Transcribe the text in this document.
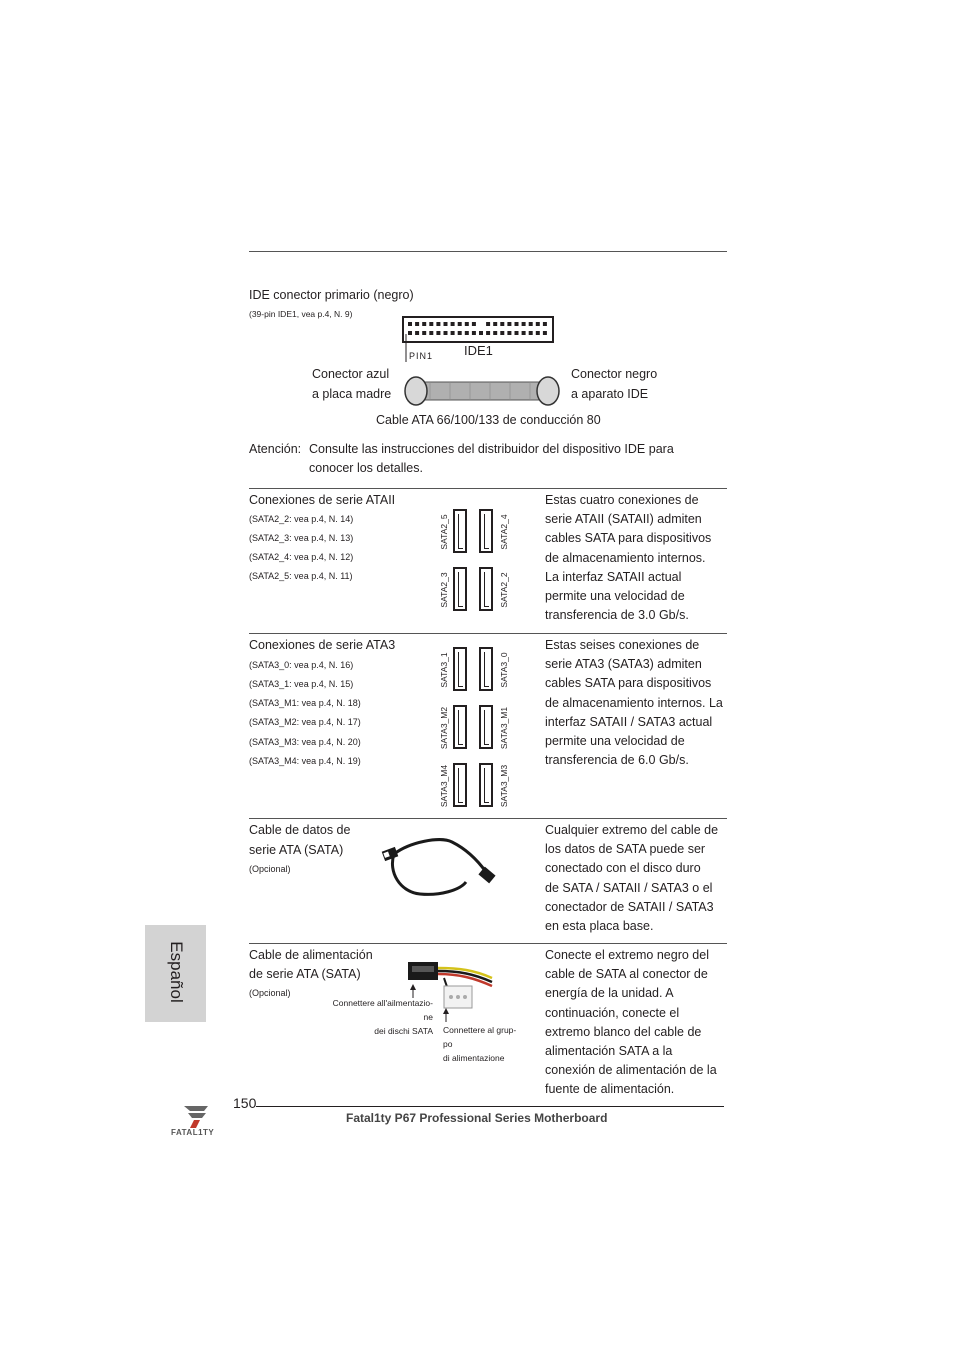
Español
IDE conector primario (negro)
(39-pin IDE1, vea p.4, N. 9)
PIN1 IDE1
Conector azul
a placa madre
Conector negro
a aparato IDE
Cable ATA 66/100/133 de conducción 80
Atención: Consulte las instrucciones del distribuidor del dispositivo IDE para
conocer los detalles.
Conexiones de serie ATAII
(SATA2_2: vea p.4, N. 14)
(SATA2_3: vea p.4, N. 13)
(SATA2_4: vea p.4, N. 12)
(SATA2_5: vea p.4, N. 11)
SATA2_5	SATA2_4
SATA2_3	SATA2_2
Estas cuatro conexiones de
serie ATAII (SATAII) admiten
cables SATA para dispositivos
de almacenamiento internos.
La interfaz SATAII actual
permite una velocidad de
transferencia de 3.0 Gb/s.
Conexiones de serie ATA3
(SATA3_0: vea p.4, N. 16)
(SATA3_1: vea p.4, N. 15)
(SATA3_M1: vea p.4, N. 18)
(SATA3_M2: vea p.4, N. 17)
(SATA3_M3: vea p.4, N. 20)
(SATA3_M4: vea p.4, N. 19)
SATA3_1	SATA3_0
SATA3_M2	SATA3_M1
SATA3_M4	SATA3_M3
Estas seises conexiones de
serie ATA3 (SATA3) admiten
cables SATA para dispositivos
de almacenamiento internos. La
interfaz SATAII / SATA3 actual
permite una velocidad de
transferencia de 6.0 Gb/s.
Cable de datos de
serie ATA (SATA)
(Opcional)
Cualquier extremo del cable de
los datos de SATA puede ser
conectado con el disco duro
de SATA / SATAII / SATA3 o el
conectador de SATAII / SATA3
en esta placa base.
Cable de alimentación
de serie ATA (SATA)
(Opcional)
Connettere all'ailmentazio-
ne
dei dischi SATA Connettere al grup-
po
di alimentazione
Conecte el extremo negro del
cable de SATA al conector de
energía de la unidad. A
continuación, conecte el
extremo blanco del cable de
alimentación SATA a la
conexión de alimentación de la
fuente de alimentación.
150
Fatal1ty P67 Professional Series Motherboard
FATAL1TY
